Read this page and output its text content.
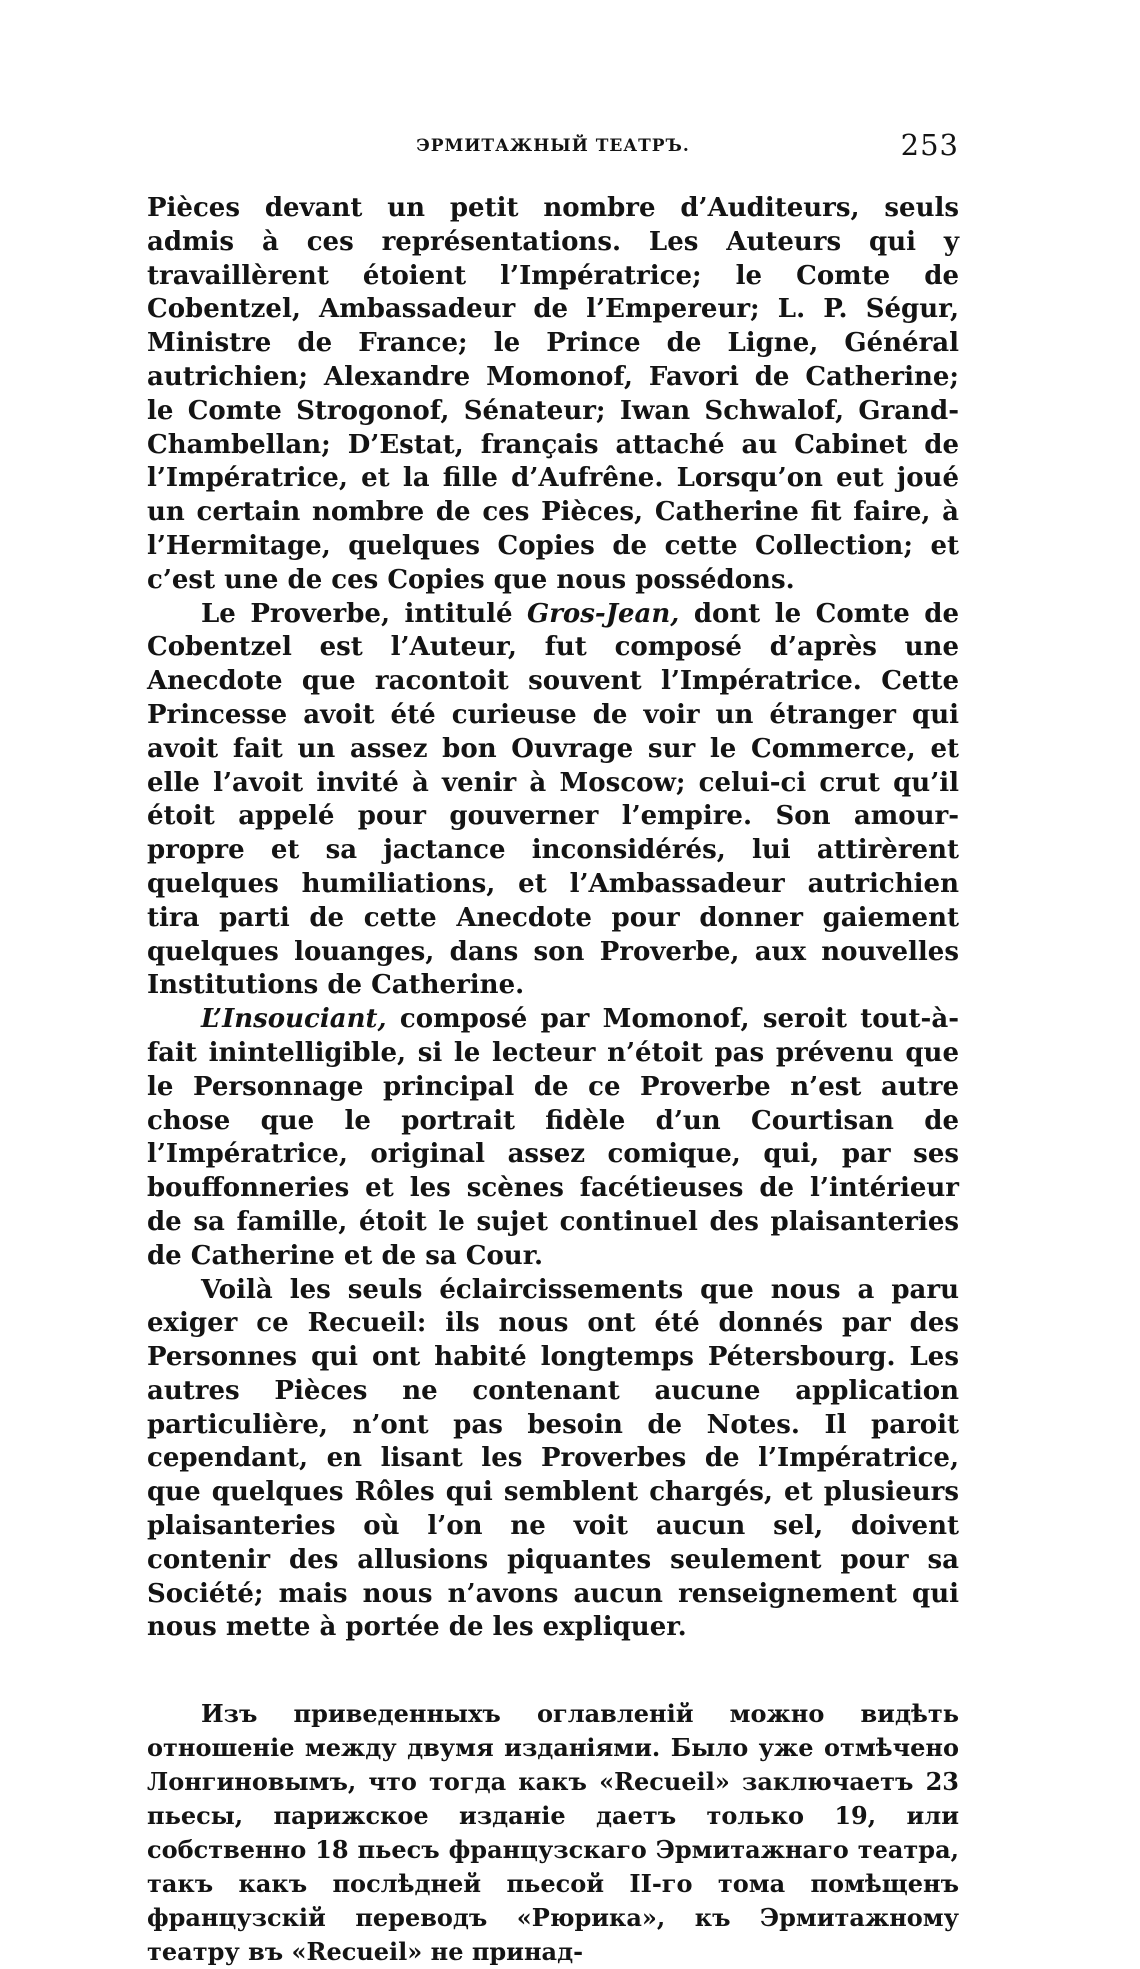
ЭРМИТАЖНЫЙ ТЕАТРЪ.	253

Pièces devant un petit nombre d’Auditeurs, seuls admis à ces représentations. Les Auteurs qui y travaillèrent étoient l’Impératrice; le Comte de Cobentzel, Ambassadeur de l’Empereur; L. P. Ségur, Ministre de France; le Prince de Ligne, Général autrichien; Alexandre Momonof, Favori de Catherine; le Comte Strogonof, Sénateur; Iwan Schwalof, Grand- Chambellan; D’Estat, français attaché au Cabinet de l’Impératrice, et la fille d’Aufrêne. Lorsqu’on eut joué un certain nombre de ces Pièces, Catherine fit faire, à l’Hermitage, quelques Copies de cette Collection; et c’est une de ces Copies que nous possédons.

Le Proverbe, intitulé Gros-Jean, dont le Comte de Cobentzel est l’Auteur, fut composé d’après une Anecdote que racontoit souvent l’Impératrice. Cette Princesse avoit été curieuse de voir un étranger qui avoit fait un assez bon Ouvrage sur le Commerce, et elle l’avoit invité à venir à Moscow; celui-ci crut qu’il étoit appelé pour gouverner l’empire. Son amour-propre et sa jactance inconsidérés, lui attirèrent quelques humiliations, et l’Ambassadeur autrichien tira parti de cette Anecdote pour donner gaiement quelques louanges, dans son Proverbe, aux nouvelles Institutions de Catherine.

L’Insouciant, composé par Momonof, seroit tout-à-fait inintelligible, si le lecteur n’étoit pas prévenu que le Personnage principal de ce Proverbe n’est autre chose que le portrait fidèle d’un Courtisan de l’Impératrice, original assez comique, qui, par ses bouffonneries et les scènes facétieuses de l’intérieur de sa famille, étoit le sujet continuel des plaisanteries de Catherine et de sa Cour.

Voilà les seuls éclaircissements que nous a paru exiger ce Recueil: ils nous ont été donnés par des Personnes qui ont habité longtemps Pétersbourg. Les autres Pièces ne contenant aucune application particulière, n’ont pas besoin de Notes. Il paroit cependant, en lisant les Proverbes de l’Impératrice, que quelques Rôles qui semblent chargés, et plusieurs plaisanteries où l’on ne voit aucun sel, doivent contenir des allusions piquantes seulement pour sa Société; mais nous n’avons aucun renseignement qui nous mette à portée de les expliquer.

Изъ приведенныхъ оглавленій можно видѣть отношеніе между двумя изданіями. Было уже отмѣчено Лонгиновымъ, что тогда какъ «Recueil» заключаетъ 23 пьесы, парижское изданіе даетъ только 19, или собственно 18 пьесъ французскаго Эрмитажнаго театра, такъ какъ послѣдней пьесой II-го тома помѣщенъ французскій переводъ «Рюрика», къ Эрмитажному театру въ «Recueil» не принад-
